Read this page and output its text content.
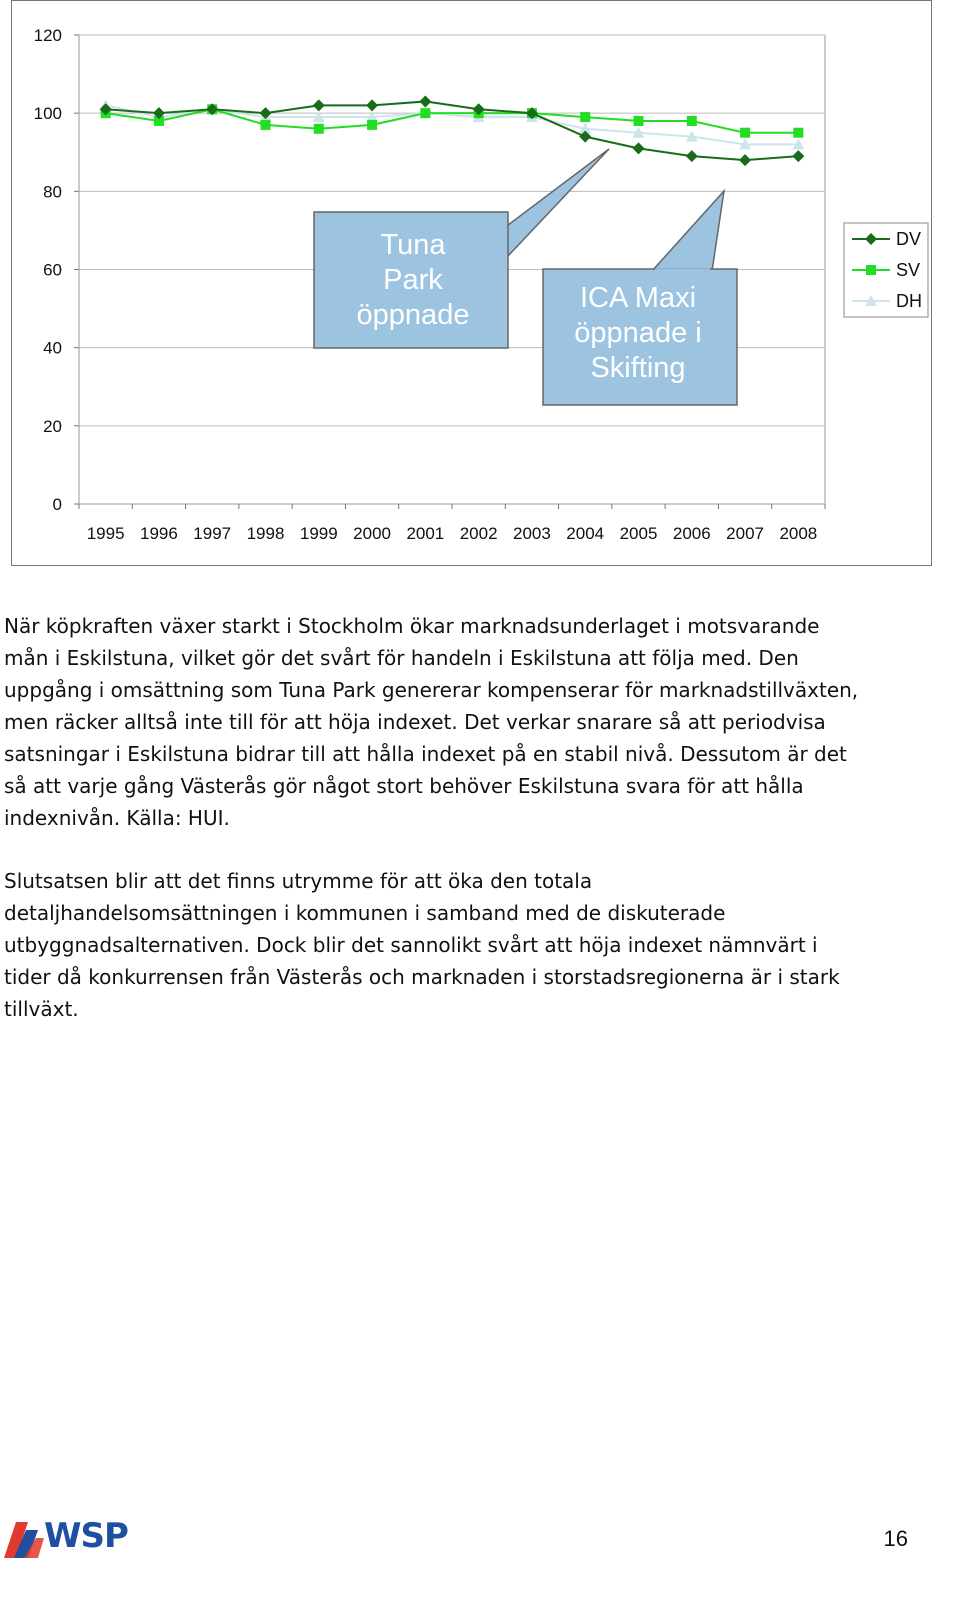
0
20
40
60
80
100
120
1995 1996 1997 1998 1999 2000 2001 2002 2003 2004 2005 2006 2007 2008
Tuna
Park
öppnade
ICA Maxi
öppnade i
Skifting
DV
SV
DH

När köpkraften växer starkt i Stockholm ökar marknadsunderlaget i motsvarande
mån i Eskilstuna, vilket gör det svårt för handeln i Eskilstuna att följa med. Den
uppgång i omsättning som Tuna Park genererar kompenserar för marknadstillväxten,
men räcker alltså inte till för att höja indexet. Det verkar snarare så att periodvisa
satsningar i Eskilstuna bidrar till att hålla indexet på en stabil nivå. Dessutom är det
så att varje gång Västerås gör något stort behöver Eskilstuna svara för att hålla
indexnivån. Källa: HUI.

Slutsatsen blir att det finns utrymme för att öka den totala
detaljhandelsomsättningen i kommunen i samband med de diskuterade
utbyggnadsalternativen. Dock blir det sannolikt svårt att höja indexet nämnvärt i
tider då konkurrensen från Västerås och marknaden i storstadsregionerna är i stark
tillväxt.

WSP	16
